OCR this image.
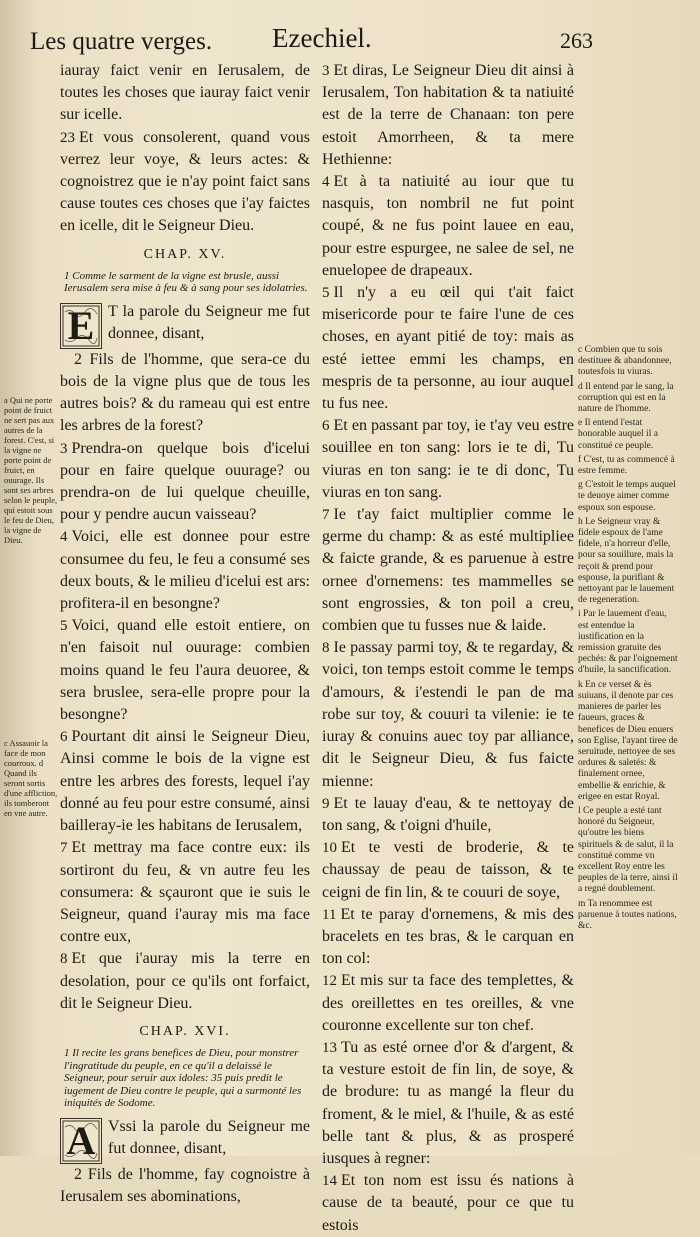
Les quatre verges. Ezechiel.	263

iauray faict venir en Ierusalem, de toutes les choses que iauray faict venir sur icelle.

23 Et vous consolerent, quand vous verrez leur voye, & leurs actes: & cognoistrez que ie n'ay point faict sans cause toutes ces choses que i'ay faictes en icelle, dit le Seigneur Dieu.

CHAP. XV.
1 Comme le sarment de la vigne est brusle, aussi Ierusalem sera mise à feu & à sang pour ses idolatries.

E T la parole du Seigneur me fut donnee, disant,

2 Fils de l'homme, que sera-ce du bois de la vigne plus que de tous les autres bois? & du rameau qui est entre les arbres de la forest?

3 Prendra-on quelque bois d'icelui pour en faire quelque ouurage? ou prendra-on de lui quelque cheuille, pour y pendre aucun vaisseau?

4 Voici, elle est donnee pour estre consumee du feu, le feu a consumé ses deux bouts, & le milieu d'icelui est ars: profitera-il en besongne?

5 Voici, quand elle estoit entiere, on n'en faisoit nul ouurage: combien moins quand le feu l'aura deuoree, & sera bruslee, sera-elle propre pour la besongne?

6 Pourtant dit ainsi le Seigneur Dieu, Ainsi comme le bois de la vigne est entre les arbres des forests, lequel i'ay donné au feu pour estre consumé, ainsi bailleray-ie les habitans de Ierusalem,

7 Et mettray ma face contre eux: ils sortiront du feu, & vn autre feu les consumera: & sçauront que ie suis le Seigneur, quand i'auray mis ma face contre eux,

8 Et que i'auray mis la terre en desolation, pour ce qu'ils ont forfaict, dit le Seigneur Dieu.

CHAP. XVI.
1 Il recite les grans benefices de Dieu, pour monstrer l'ingratitude du peuple, en ce qu'il a delaissé le Seigneur, pour seruir aux idoles: 35 puis predit le iugement de Dieu contre le peuple, qui a surmonté les iniquités de Sodome.

A Vssi la parole du Seigneur me fut donnee, disant,

2 Fils de l'homme, fay cognoistre à Ierusalem ses abominations,

3 Et diras, Le Seigneur Dieu dit ainsi à Ierusalem, Ton habitation & ta natiuité est de la terre de Chanaan: ton pere estoit Amorrheen, & ta mere Hethienne:

4 Et à ta natiuité au iour que tu nasquis, ton nombril ne fut point coupé, & ne fus point lauee en eau, pour estre espurgee, ne salee de sel, ne enuelopee de drapeaux.

5 Il n'y a eu œil qui t'ait faict misericorde pour te faire l'une de ces choses, en ayant pitié de toy: mais as esté iettee emmi les champs, en mespris de ta personne, au iour auquel tu fus nee.

6 Et en passant par toy, ie t'ay veu estre souillee en ton sang: lors ie te di, Tu viuras en ton sang: ie te di donc, Tu viuras en ton sang.

7 Ie t'ay faict multiplier comme le germe du champ: & as esté multipliee & faicte grande, & es paruenue à estre ornee d'ornemens: tes mammelles se sont engrossies, & ton poil a creu, combien que tu fusses nue & laide.

8 Ie passay parmi toy, & te regarday, & voici, ton temps estoit comme le temps d'amours, & i'estendi le pan de ma robe sur toy, & couuri ta vilenie: ie te iuray & conuins auec toy par alliance, dit le Seigneur Dieu, & fus faicte mienne:

9 Et te lauay d'eau, & te nettoyay de ton sang, & t'oigni d'huile,

10 Et te vesti de broderie, & te chaussay de peau de taisson, & te ceigni de fin lin, & te couuri de soye,

11 Et te paray d'ornemens, & mis des bracelets en tes bras, & le carquan en ton col:

12 Et mis sur ta face des templettes, & des oreillettes en tes oreilles, & vne couronne excellente sur ton chef.

13 Tu as esté ornee d'or & d'argent, & ta vesture estoit de fin lin, de soye, & de brodure: tu as mangé la fleur du froment, & le miel, & l'huile, & as esté belle tant & plus, & as prosperé iusques à regner:

14 Et ton nom est issu és nations à cause de ta beauté, pour ce que tu estois

c Combien que tu sois destituee & abandonnee, toutesfois tu viuras.

d Il entend par le sang, la corruption qui est en la nature de l'homme.

e Il entend l'estat honorable auquel il a constitué ce peuple.

f C'est, tu as commencé à estre femme.

g C'estoit le temps auquel te deuoye aimer comme espoux son espouse.

h Le Seigneur vray & fidele espoux de l'ame fidele, n'a horreur d'elle, pour sa souillure, mais la reçoit & prend pour espouse, la purifiant & nettoyant par le lauement de regeneration.

i Par le lauement d'eau, est entendue la iustification en la remission gratuite des pechés: & par l'oignement d'huile, la sanctification.

k En ce verset & ès suiuans, il denote par ces manieres de parler les faueurs, graces & benefices de Dieu enuers son Eglise, l'ayant tiree de seruitude, nettoyee de ses ordures & saletés: & finalement ornee, embellie & enrichie, & erigee en estat Royal.

l Ce peuple a esté tant honoré du Seigneur, qu'outre les biens spirituels & de salut, il la constitué comme vn excellent Roy entre les peuples de la terre, ainsi il a regné doublement.

m Ta renommee est paruenue à toutes nations, &c.

a Qui ne porte point de fruict ne sert pas aux autres de la forest. C'est, si la vigne ne porte point de fruict, en ouurage. Ils sont ses arbres selon le peuple, qui estoit sous le feu de Dieu, la vigne de Dieu.

c Assauoir la face de mon courroux. d Quand ils seront sortis d'une affliction, ils tomberont en vne autre.
